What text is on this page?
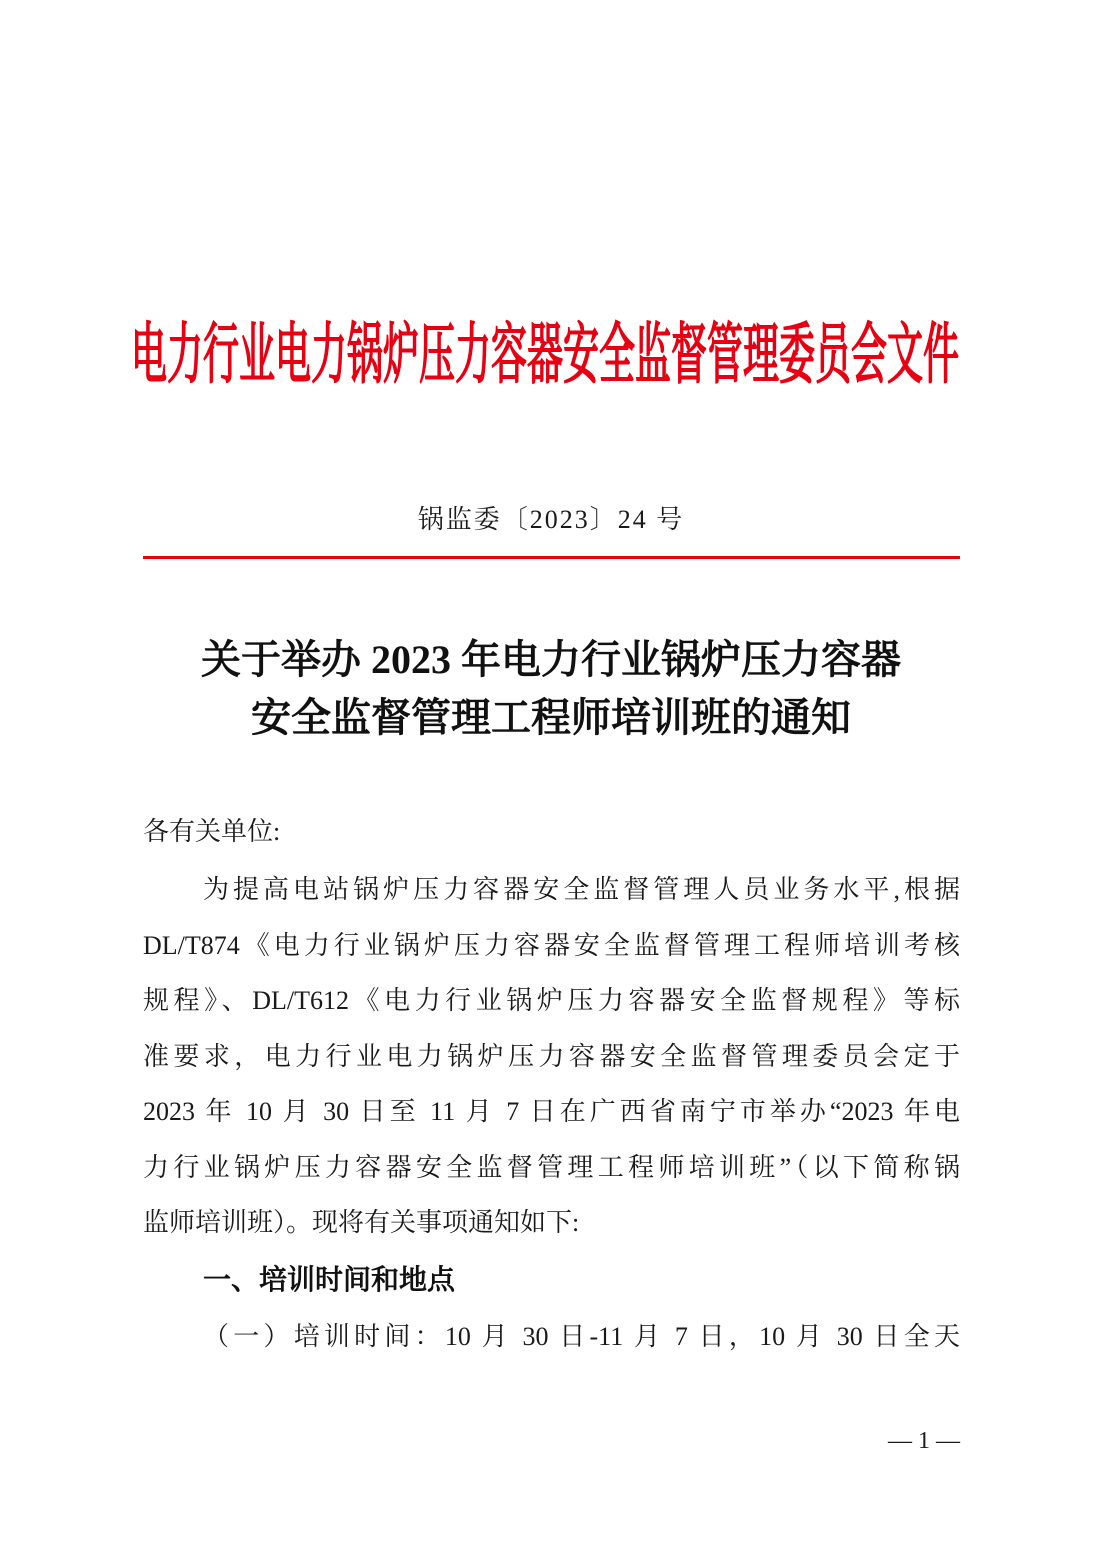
电力行业电力锅炉压力容器安全监督管理委员会文件
锅监委〔2023〕24 号
关于举办 2023 年电力行业锅炉压力容器
安全监督管理工程师培训班的通知
各有关单位:
为提高电站锅炉压力容器安全监督管理人员业务水平,根据
DL/T874《电力行业锅炉压力容器安全监督管理工程师培训考核
规程》、DL/T612《电力行业锅炉压力容器安全监督规程》等标
准要求，电力行业电力锅炉压力容器安全监督管理委员会定于
2023 年 10 月 30 日至 11 月 7 日在广西省南宁市举办“2023 年电
力行业锅炉压力容器安全监督管理工程师培训班”（以下简称锅
监师培训班）。现将有关事项通知如下:
一、培训时间和地点
（一）培训时间：10 月 30 日-11 月 7 日，10 月 30 日全天
— 1 —
